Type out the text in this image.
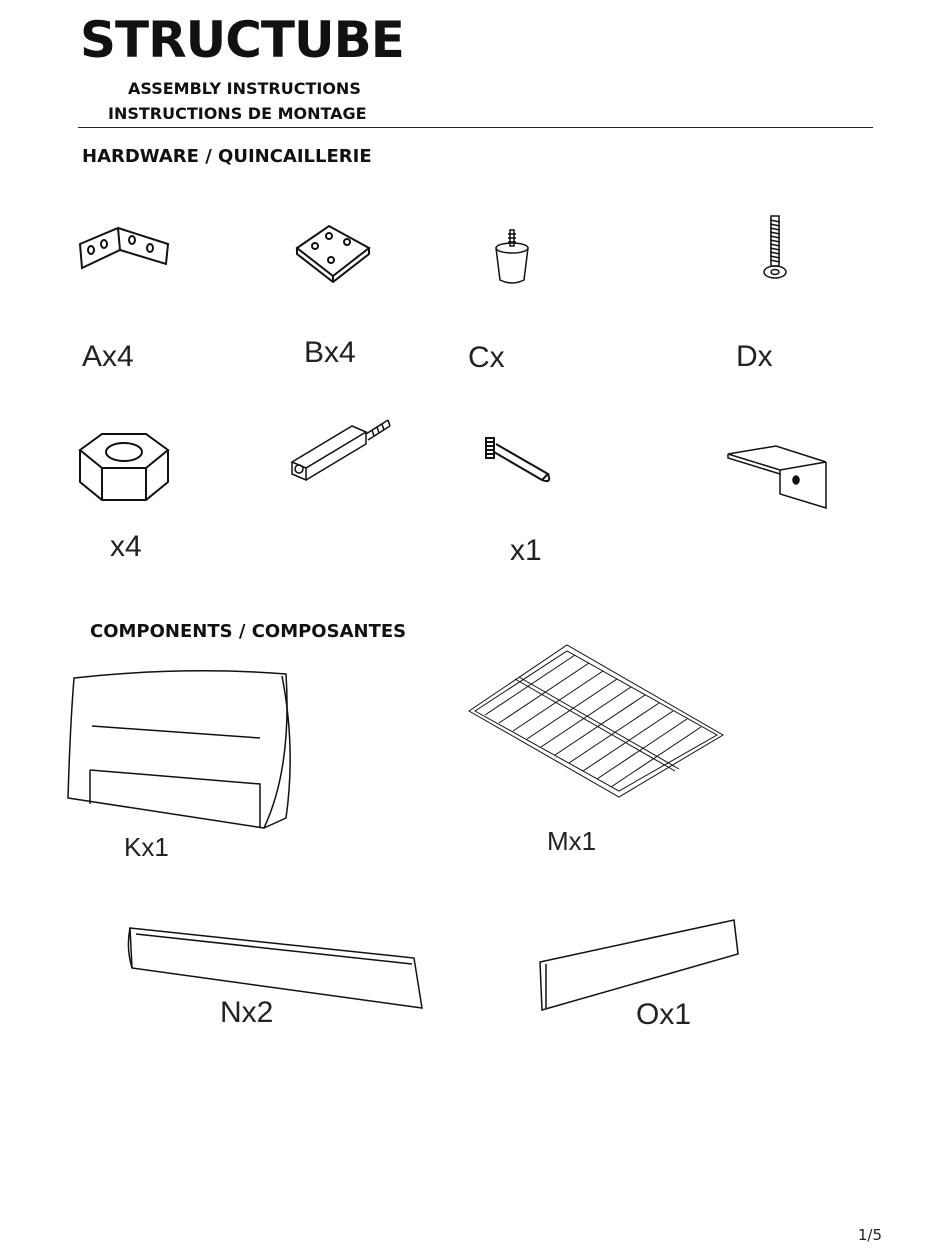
STRUCTUBE
ASSEMBLY INSTRUCTIONS
INSTRUCTIONS DE MONTAGE
HARDWARE / QUINCAILLERIE
Ax4	Bx4	Cx	Dx
x4	x1
COMPONENTS / COMPOSANTES
Kx1	Mx1
Nx2	Ox1
1/5
